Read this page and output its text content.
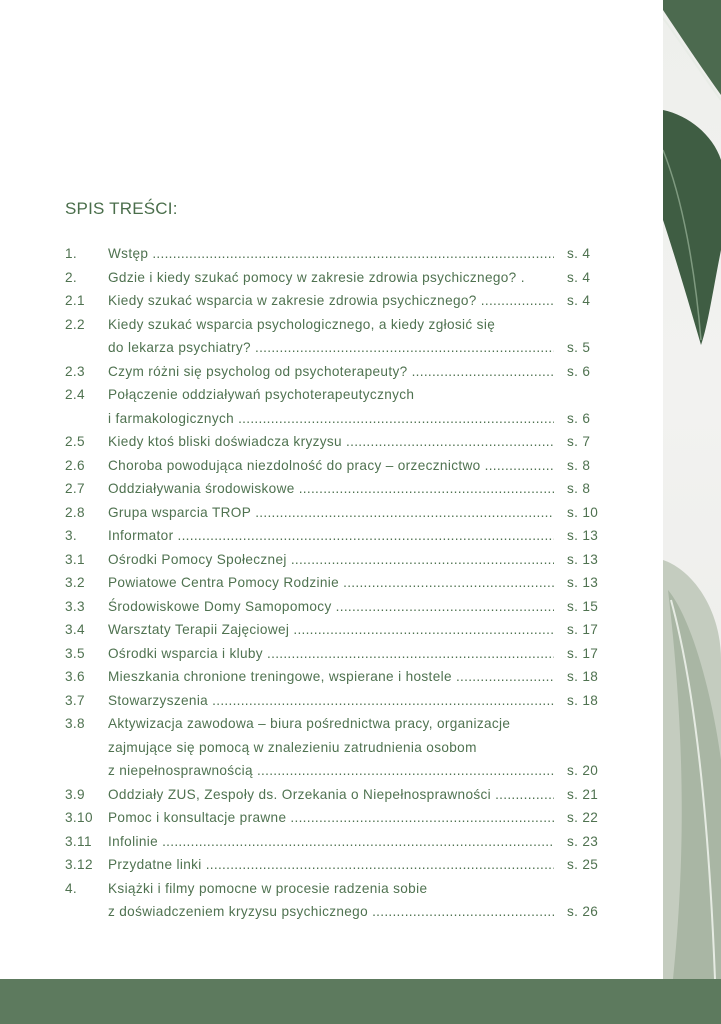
SPIS TREŚCI:
1. Wstęp .....	s. 4
2. Gdzie i kiedy szukać pomocy w zakresie zdrowia psychicznego? .	s. 4
2.1 Kiedy szukać wsparcia w zakresie zdrowia psychicznego? .....	s. 4
2.2 Kiedy szukać wsparcia psychologicznego, a kiedy zgłosić się
do lekarza psychiatry? .....	s. 5
2.3 Czym różni się psycholog od psychoterapeuty? .....	s. 6
2.4 Połączenie oddziaływań psychoterapeutycznych
i farmakologicznych .....	s. 6
2.5 Kiedy ktoś bliski doświadcza kryzysu .....	s. 7
2.6 Choroba powodująca niezdolność do pracy – orzecznictwo .....	s. 8
2.7 Oddziaływania środowiskowe .....	s. 8
2.8 Grupa wsparcia TROP .....	s. 10
3. Informator .....	s. 13
3.1 Ośrodki Pomocy Społecznej .....	s. 13
3.2 Powiatowe Centra Pomocy Rodzinie .....	s. 13
3.3 Środowiskowe Domy Samopomocy .....	s. 15
3.4 Warsztaty Terapii Zajęciowej .....	s. 17
3.5 Ośrodki wsparcia i kluby .....	s. 17
3.6 Mieszkania chronione treningowe, wspierane i hostele .....	s. 18
3.7 Stowarzyszenia .....	s. 18
3.8 Aktywizacja zawodowa – biura pośrednictwa pracy, organizacje
zajmujące się pomocą w znalezieniu zatrudnienia osobom
z niepełnosprawnością .....	s. 20
3.9 Oddziały ZUS, Zespoły ds. Orzekania o Niepełnosprawności .....	s. 21
3.10 Pomoc i konsultacje prawne .....	s. 22
3.11 Infolinie .....	s. 23
3.12 Przydatne linki .....	s. 25
4. Książki i filmy pomocne w procesie radzenia sobie
z doświadczeniem kryzysu psychicznego .....	s. 26
